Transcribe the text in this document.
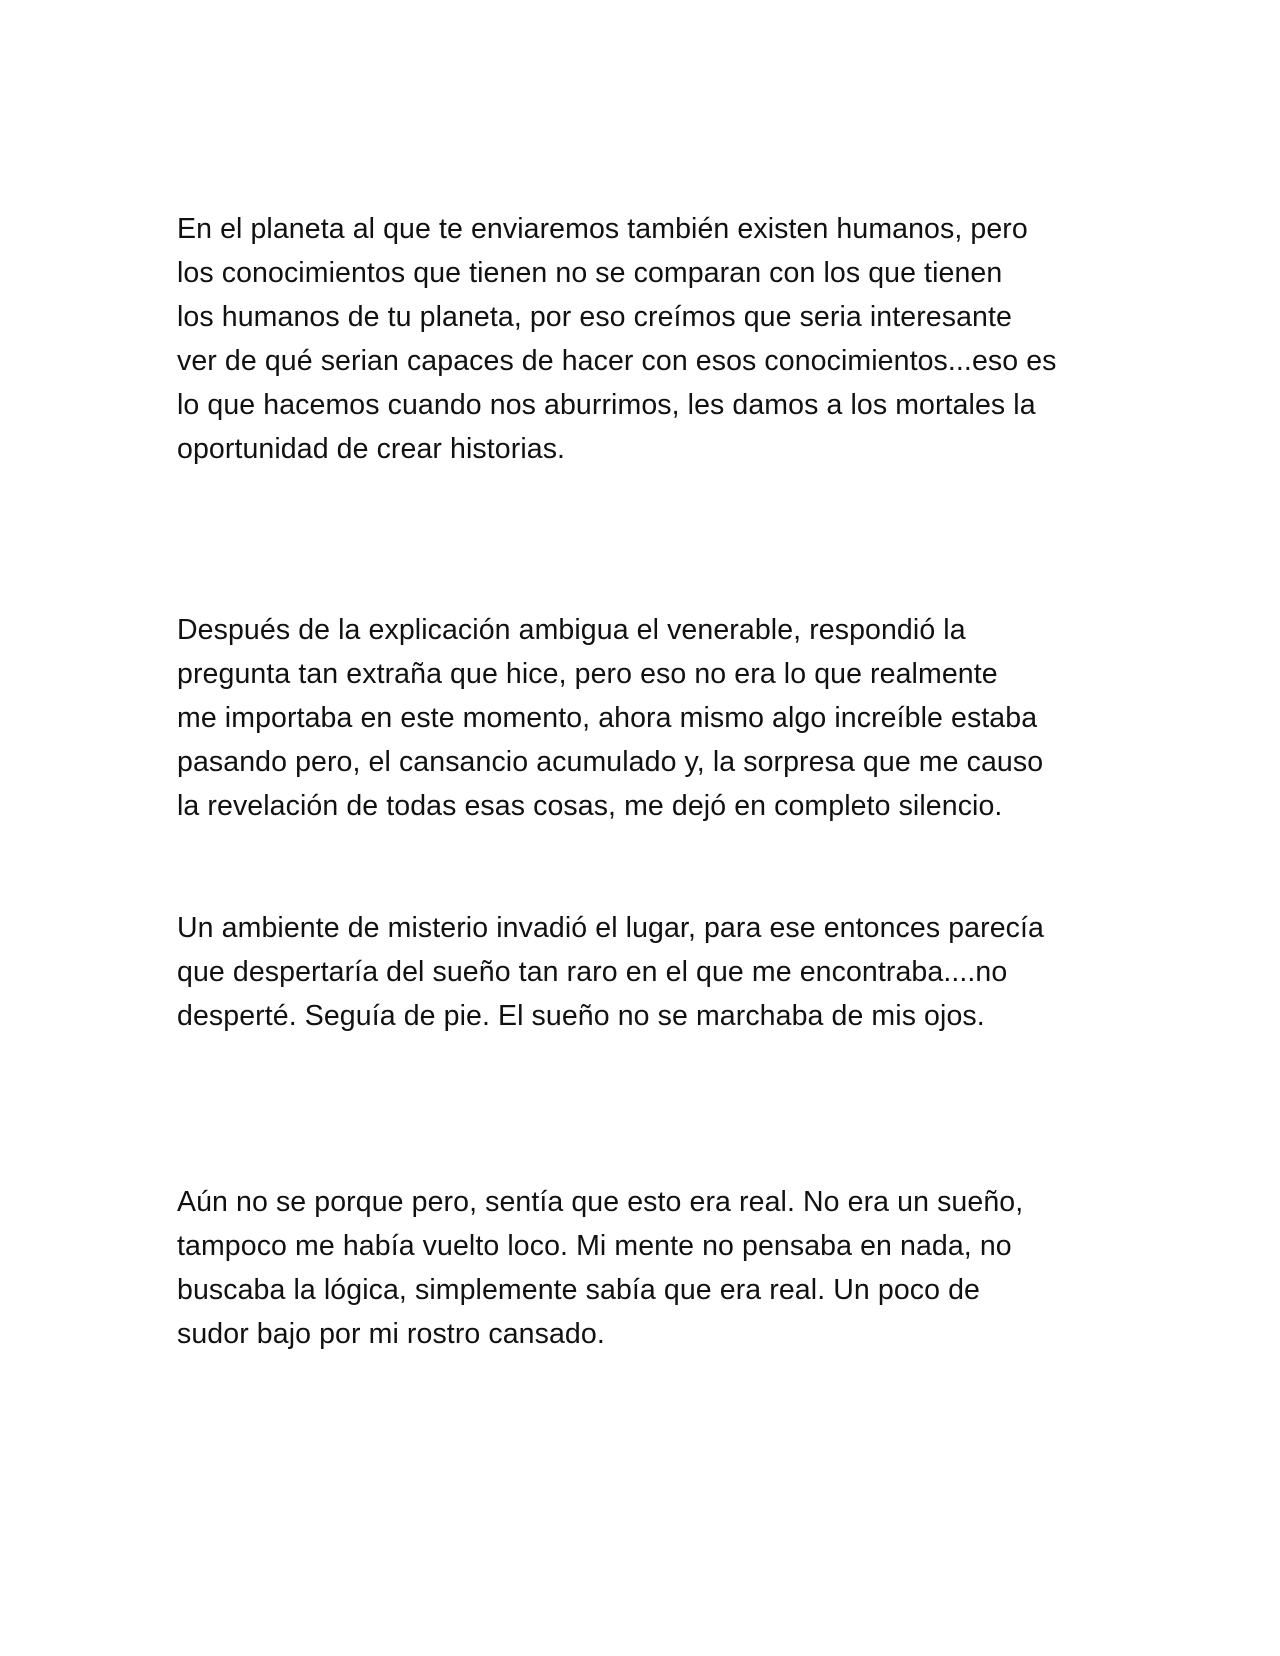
En el planeta al que te enviaremos también existen humanos, pero
los conocimientos que tienen no se comparan con los que tienen
los humanos de tu planeta, por eso creímos que seria interesante
ver de qué serian capaces de hacer con esos conocimientos...eso es
lo que hacemos cuando nos aburrimos, les damos a los mortales la
oportunidad de crear historias.

Después de la explicación ambigua el venerable, respondió la
pregunta tan extraña que hice, pero eso no era lo que realmente
me importaba en este momento, ahora mismo algo increíble estaba
pasando pero, el cansancio acumulado y, la sorpresa que me causo
la revelación de todas esas cosas, me dejó en completo silencio.

Un ambiente de misterio invadió el lugar, para ese entonces parecía
que despertaría del sueño tan raro en el que me encontraba....no
desperté. Seguía de pie. El sueño no se marchaba de mis ojos.

Aún no se porque pero, sentía que esto era real. No era un sueño,
tampoco me había vuelto loco. Mi mente no pensaba en nada, no
buscaba la lógica, simplemente sabía que era real. Un poco de
sudor bajo por mi rostro cansado.
